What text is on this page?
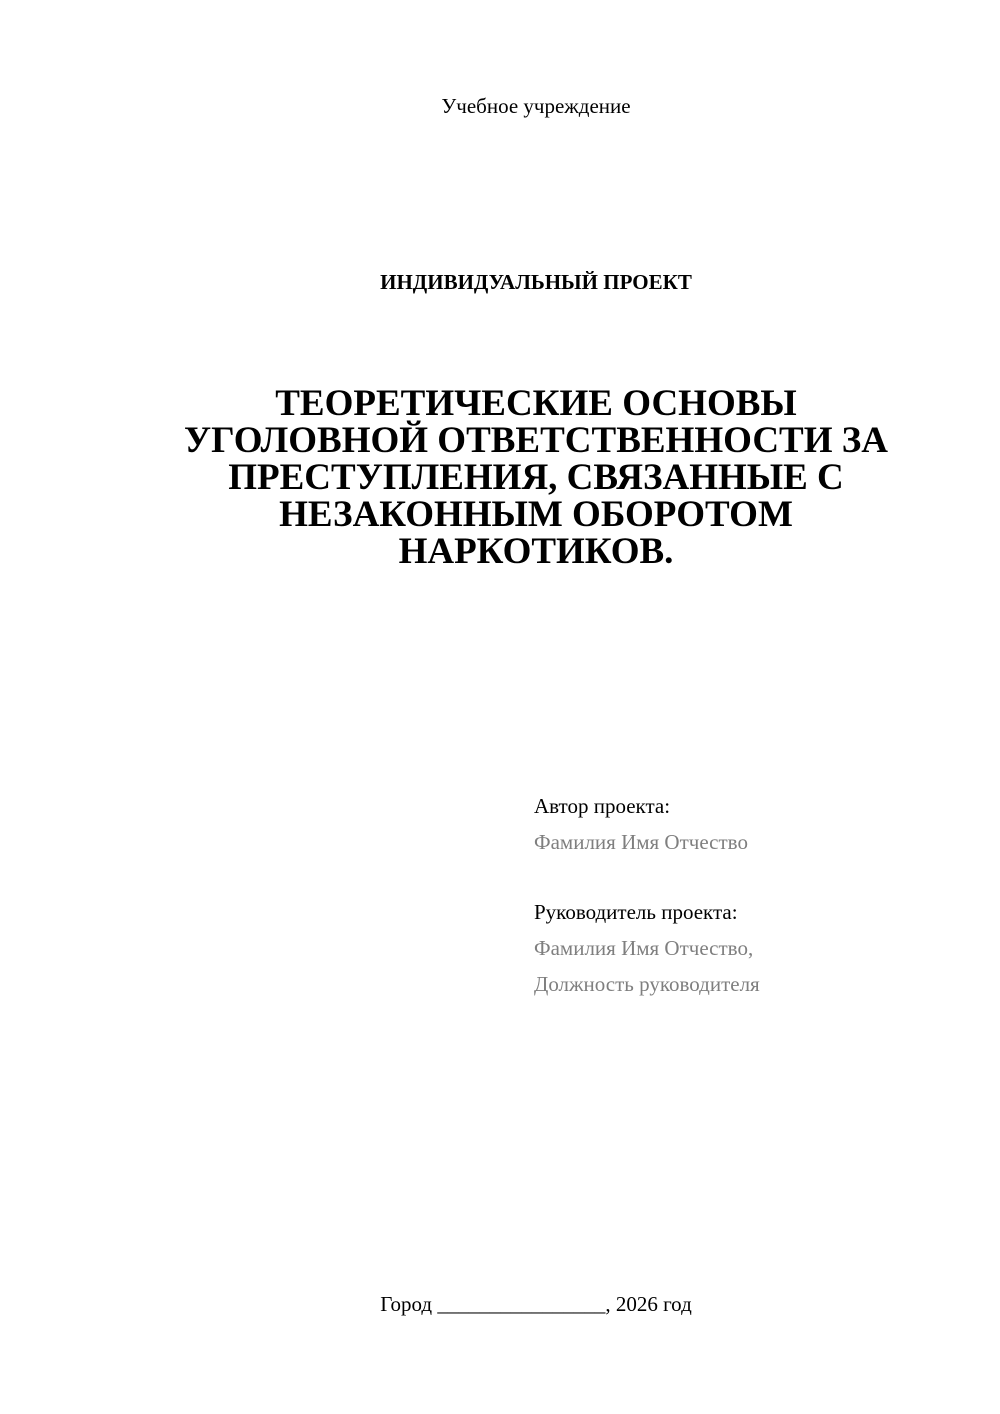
Учебное учреждение
ИНДИВИДУАЛЬНЫЙ ПРОЕКТ
ТЕОРЕТИЧЕСКИЕ ОСНОВЫ
УГОЛОВНОЙ ОТВЕТСТВЕННОСТИ ЗА
ПРЕСТУПЛЕНИЯ, СВЯЗАННЫЕ С
НЕЗАКОННЫМ ОБОРОТОМ
НАРКОТИКОВ.
Автор проекта:
Фамилия Имя Отчество
Руководитель проекта:
Фамилия Имя Отчество,
Должность руководителя
Город ________________, 2026 год
